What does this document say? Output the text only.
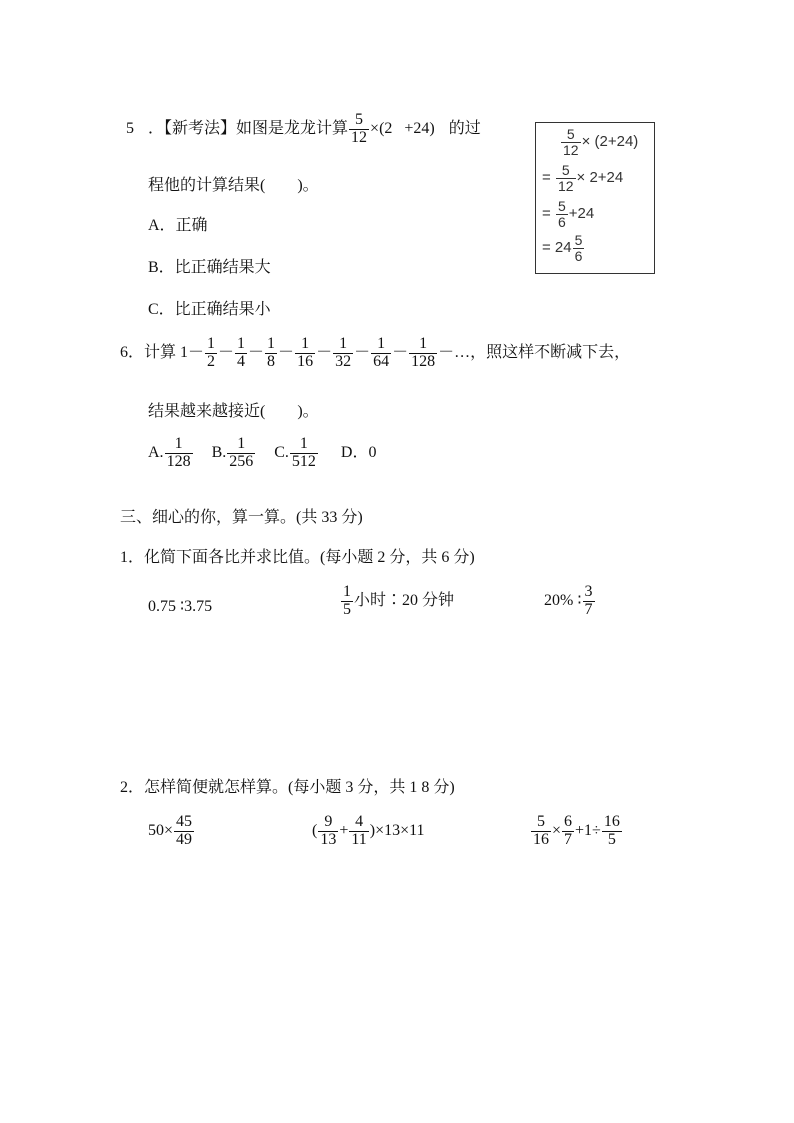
5 ．【新考法】如图是龙龙计算 $\frac{5}{12} \times(2 +24)$ 的过
程他的计算结果(　　)。
A．正确
B．比正确结果大
C．比正确结果小
$\frac{5}{12} \times (2+24)$
= $\frac{5}{12} \times 2+24$
= $\frac{5}{6} +24$
= $24 \frac{5}{6}$
6．计算 $1- \frac{1}{2} - \frac{1}{4} - \frac{1}{8} - \frac{1}{16} - \frac{1}{32} - \frac{1}{64} - \frac{1}{128}$ －…，照这样不断减下去，
结果越来越接近(　　)。
A. $\frac{1}{128} B$. $\frac{1}{256} C$. $\frac{1}{512}$ D．0
三、细心的你，算一算。(共 33 分)
1．化简下面各比并求比值。(每小题 2 分，共 6 分)
0.75 ∶3.75	$\frac{1}{5}$ 小时∶20 分钟	20% ∶ $\frac{3}{7}$
2．怎样简便就怎样算。(每小题 3 分，共 1 8 分)
$50\times \frac{45}{49}$	( $\frac{9}{13} + \frac{4}{11} )\times 13\times 11$	$\frac{5}{16} \times \frac{6}{7} +1\div \frac{16}{5}$
